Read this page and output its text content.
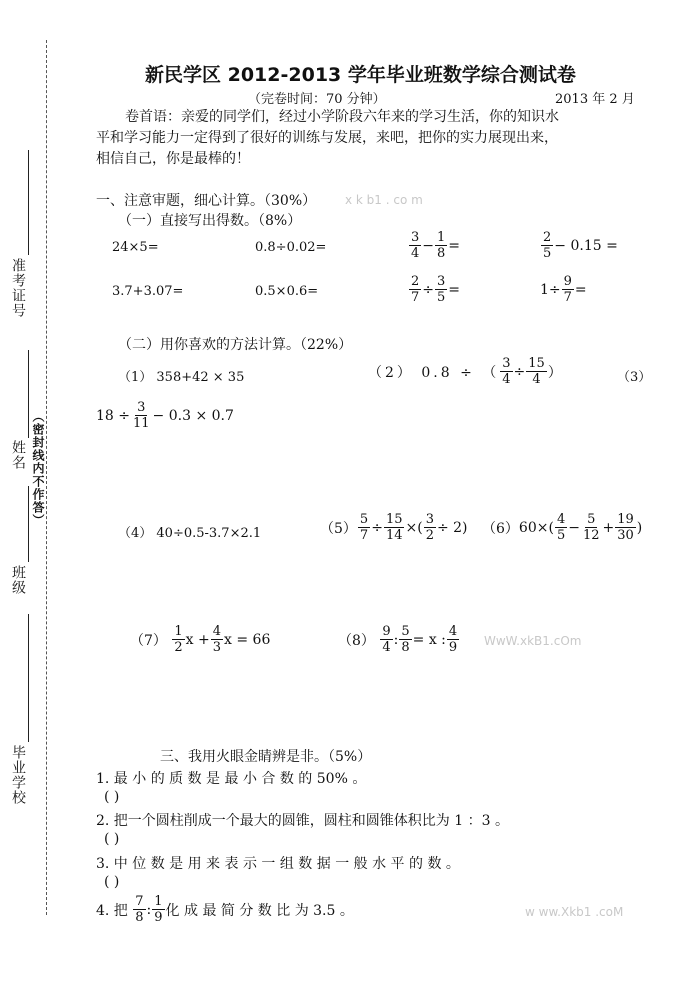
准考证号
姓名 （密封线内不作答）
班级
毕业学校
新民学区 2012-2013 学年毕业班数学综合测试卷
（完卷时间：70 分钟）	2013 年 2 月
卷首语：亲爱的同学们，经过小学阶段六年来的学习生活，你的知识水
平和学习能力一定得到了很好的训练与发展，来吧，把你的实力展现出来，
相信自己，你是最棒的！
一、注意审题，细心计算。（30%） x k b1 . co m
（一）直接写出得数。（8%）
24×5=	0.8÷0.02=	$\frac{3}{4} - \frac{1}{8}$ =	$\frac{2}{5} - 0.15$ =
3.7+3.07=	0.5×0.6=	$\frac{2}{7} \div \frac{3}{5}$ =	$1\div \frac{9}{7}$ =
（二）用你喜欢的方法计算。（22%）
（1） 358+42 × 35	（2） 0.8 ÷ （ $\frac{3}{4} \div \frac{15}{4}$ ）	（3）
$18 \div \frac{3}{11} - 0.3 \times 0.7$
（4） 40÷0.5-3.7×2.1	$(5) \frac{5}{7} \div \frac{15}{14}$ ×( $\frac{3}{2} \div 2$) （6） $60\times( \frac{4}{5} - \frac{5}{12} + \frac{19}{30}$ )
（7）
$\frac{1}{2}$ $x + \frac{4}{3}$ x = 66	（8）
$\frac{9}{4}$ : $\frac{5}{8} = x$ : $\frac{4}{9} WwW.xkB1.cOm$
三、我用火眼金睛辨是非。（5%）
1. 最 小 的 质 数 是 最 小 合 数 的 50% 。
( )
2. 把一个圆柱削成一个最大的圆锥，圆柱和圆锥体积比为 1 ：3 。
( )
3. 中 位 数 是 用 来 表 示 一 组 数 据 一 般 水 平 的 数 。
( )
4. 把
$\frac{7}{8}$ : $\frac{1}{9}$ 化 成 最 简 分 数 比 为 3.5 。	w ww.Xkb1 .coM
